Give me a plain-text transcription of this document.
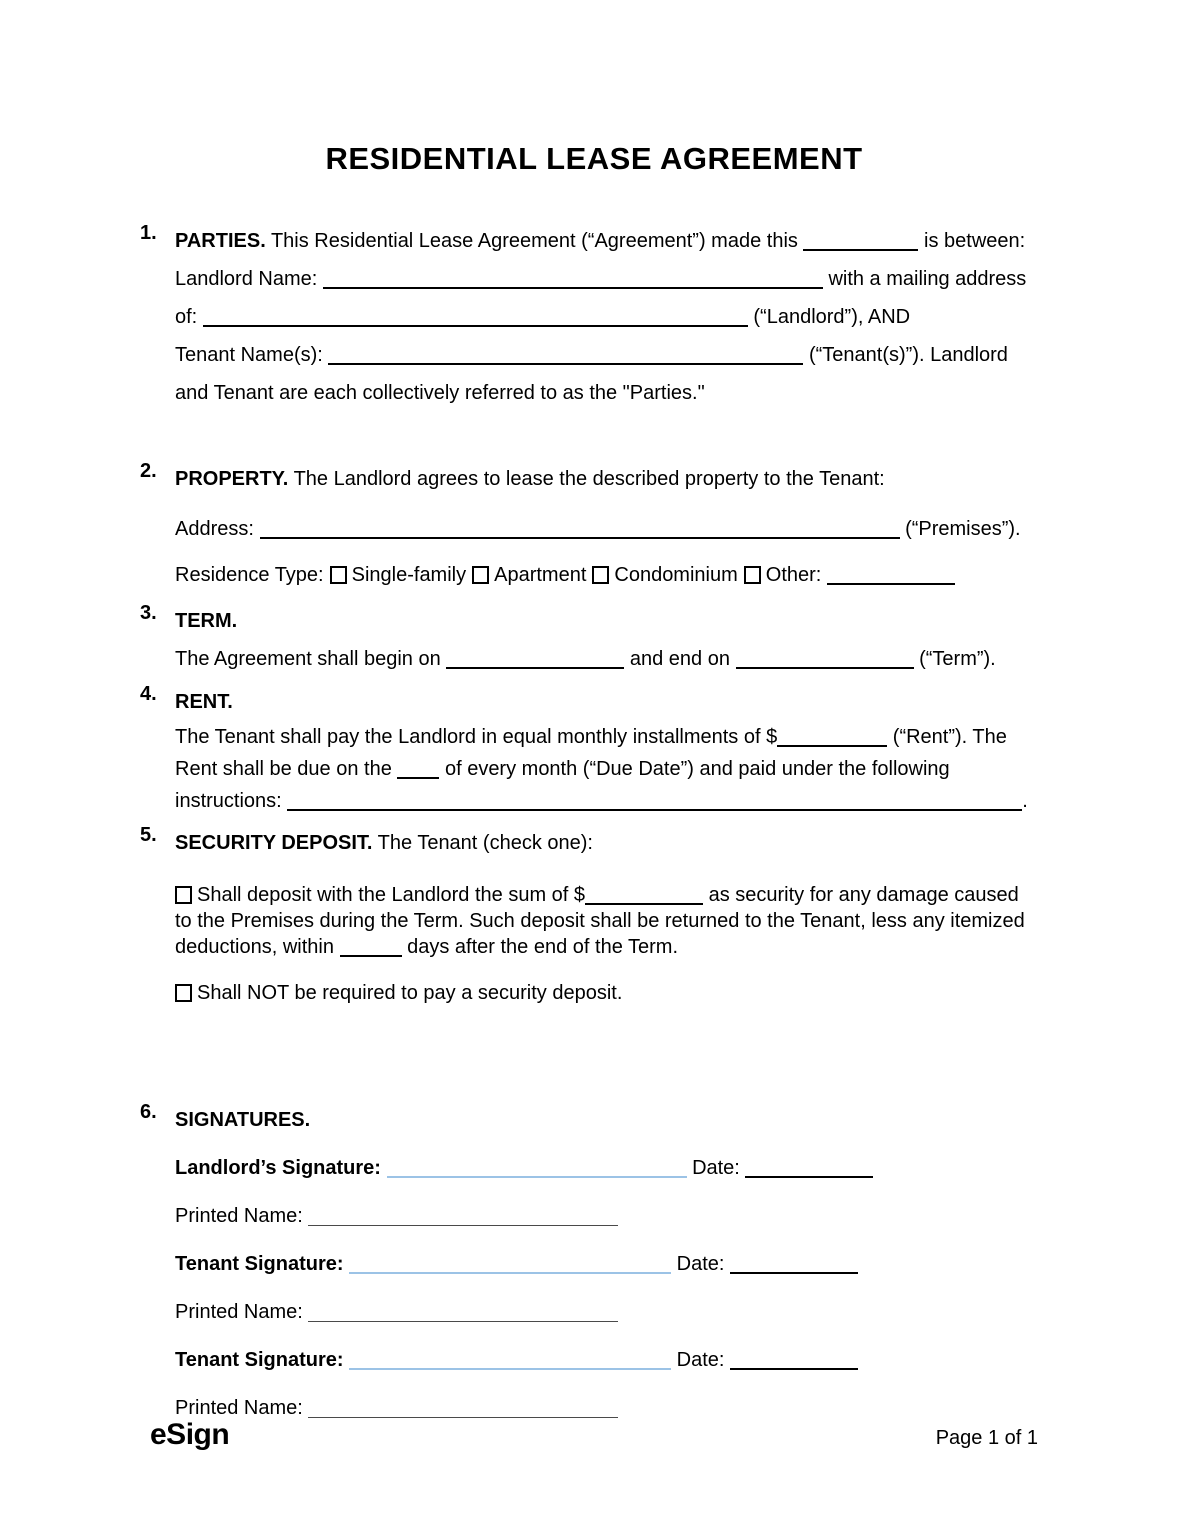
RESIDENTIAL LEASE AGREEMENT
1. PARTIES. This Residential Lease Agreement (“Agreement”) made this	is between:
Landlord Name:	with a mailing address
of:	(“Landlord”), AND
Tenant Name(s):	(“Tenant(s)”). Landlord
and Tenant are each collectively referred to as the "Parties."
2. PROPERTY. The Landlord agrees to lease the described property to the Tenant:
Address:	(“Premises”).
Residence Type: Single-family Apartment Condominium Other:
3. TERM.
The Agreement shall begin on	and end on	(“Term”).
4. RENT.
The Tenant shall pay the Landlord in equal monthly installments of $	(“Rent”). The
Rent shall be due on the	of every month (“Due Date”) and paid under the following
instructions:	.
5. SECURITY DEPOSIT. The Tenant (check one):
Shall deposit with the Landlord the sum of $	as security for any damage caused
to the Premises during the Term. Such deposit shall be returned to the Tenant, less any itemized
deductions, within	days after the end of the Term.
Shall NOT be required to pay a security deposit.
6. SIGNATURES.
Landlord’s Signature:	Date:
Printed Name:
Tenant Signature:	Date:
Printed Name:
Tenant Signature:	Date:
Printed Name:
eSign	Page 1 of 1
